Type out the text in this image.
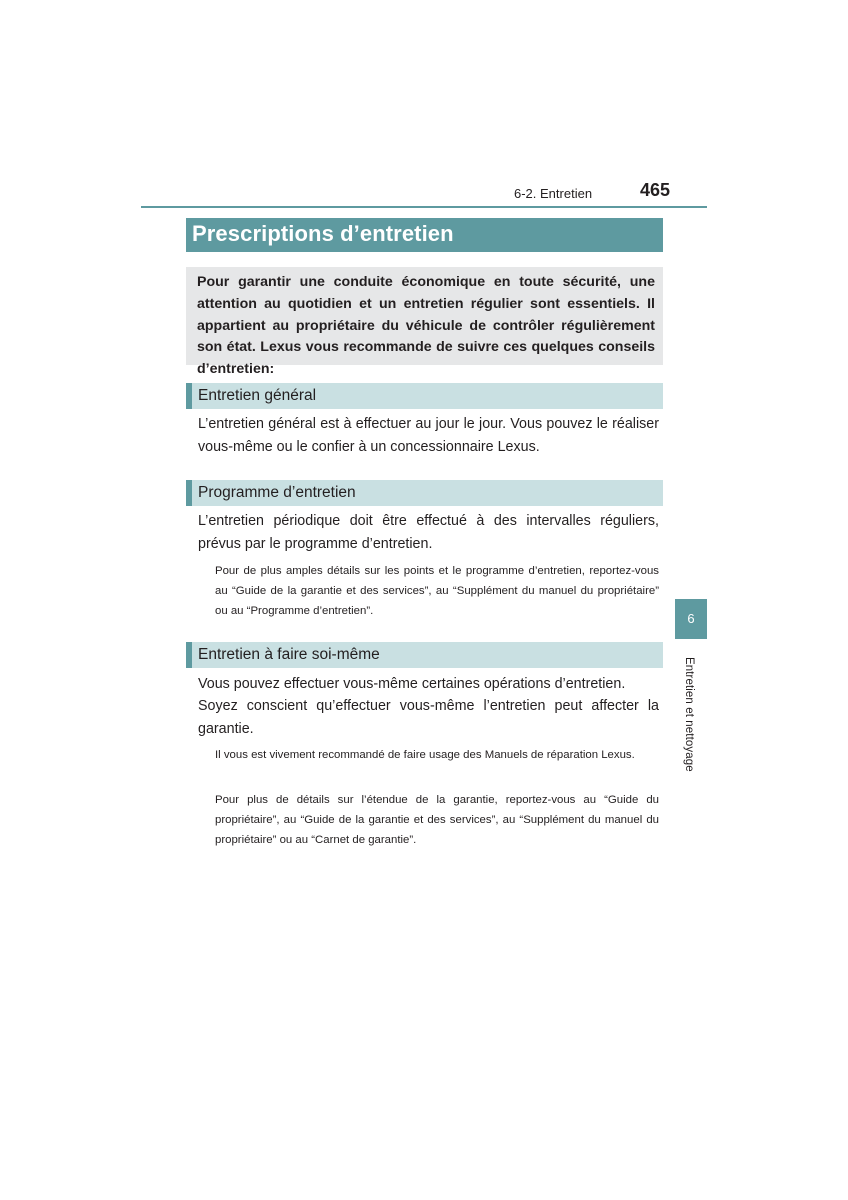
6-2. Entretien	465
Prescriptions d’entretien
Pour garantir une conduite économique en toute sécurité, une attention au quotidien et un entretien régulier sont essentiels. Il appartient au propriétaire du véhicule de contrôler régulièrement son état. Lexus vous recommande de suivre ces quelques conseils d’entretien:
Entretien général
L’entretien général est à effectuer au jour le jour. Vous pouvez le réaliser vous-même ou le confier à un concessionnaire Lexus.
Programme d’entretien
L’entretien périodique doit être effectué à des intervalles réguliers, prévus par le programme d’entretien.
Pour de plus amples détails sur les points et le programme d’entretien, reportez-vous au “Guide de la garantie et des services”, au “Supplément du manuel du propriétaire” ou au “Programme d’entretien”.
Entretien à faire soi-même
Vous pouvez effectuer vous-même certaines opérations d’entretien.
Soyez conscient qu’effectuer vous-même l’entretien peut affecter la garantie.
Il vous est vivement recommandé de faire usage des Manuels de réparation Lexus.
Pour plus de détails sur l’étendue de la garantie, reportez-vous au “Guide du propriétaire”, au “Guide de la garantie et des services”, au “Supplément du manuel du propriétaire” ou au “Carnet de garantie”.
6
Entretien et nettoyage
